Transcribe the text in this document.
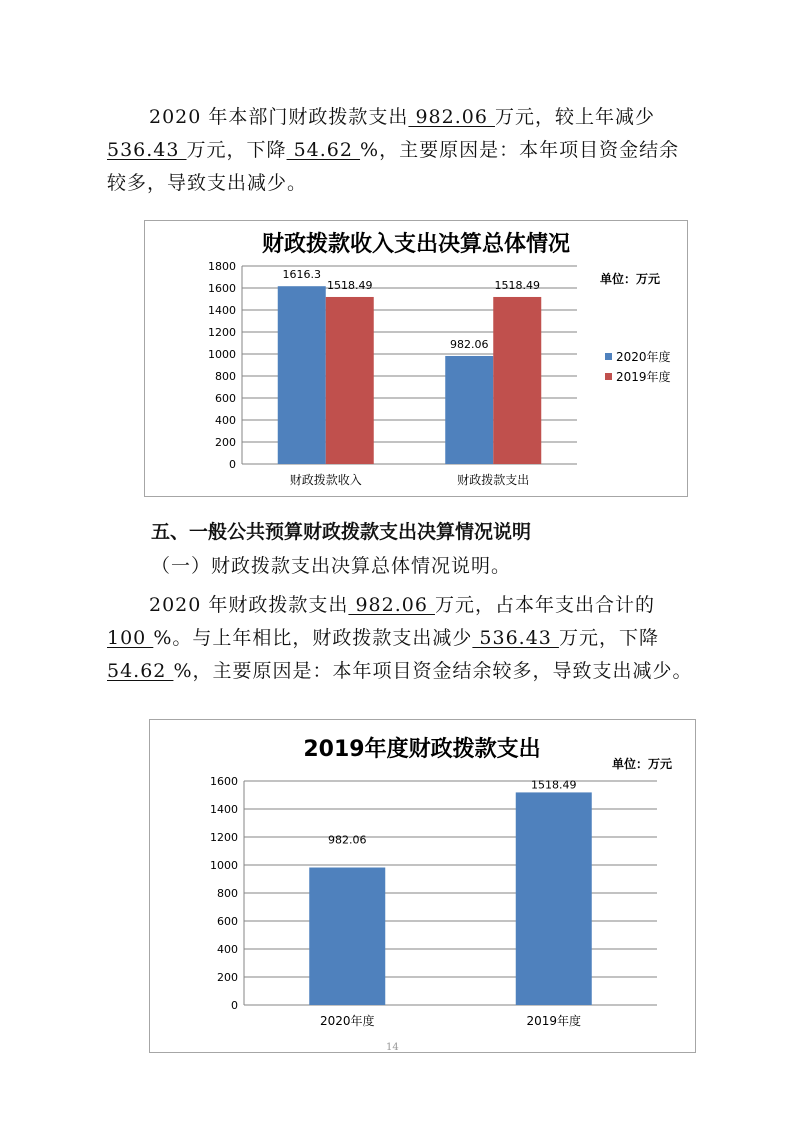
2020 年本部门财政拨款支出 982.06 万元，较上年减少
536.43 万元，下降 54.62 %，主要原因是：本年项目资金结余
较多，导致支出减少。
财政拨款收入支出决算总体情况
单位：万元
0
200
400
600
800
1000
1200
1400
1600
1800
财政拨款收入
1616.3
1518.49
财政拨款支出
982.06
1518.49
2020年度
2019年度
五、一般公共预算财政拨款支出决算情况说明
（一）财政拨款支出决算总体情况说明。
2020 年财政拨款支出 982.06 万元，占本年支出合计的
100 %。与上年相比，财政拨款支出减少 536.43 万元，下降
54.62 %，主要原因是：本年项目资金结余较多，导致支出减少。
2019年度财政拨款支出
单位：万元
0
200
400
600
800
1000
1200
1400
1600
982.06
2020年度
1518.49
2019年度
14
